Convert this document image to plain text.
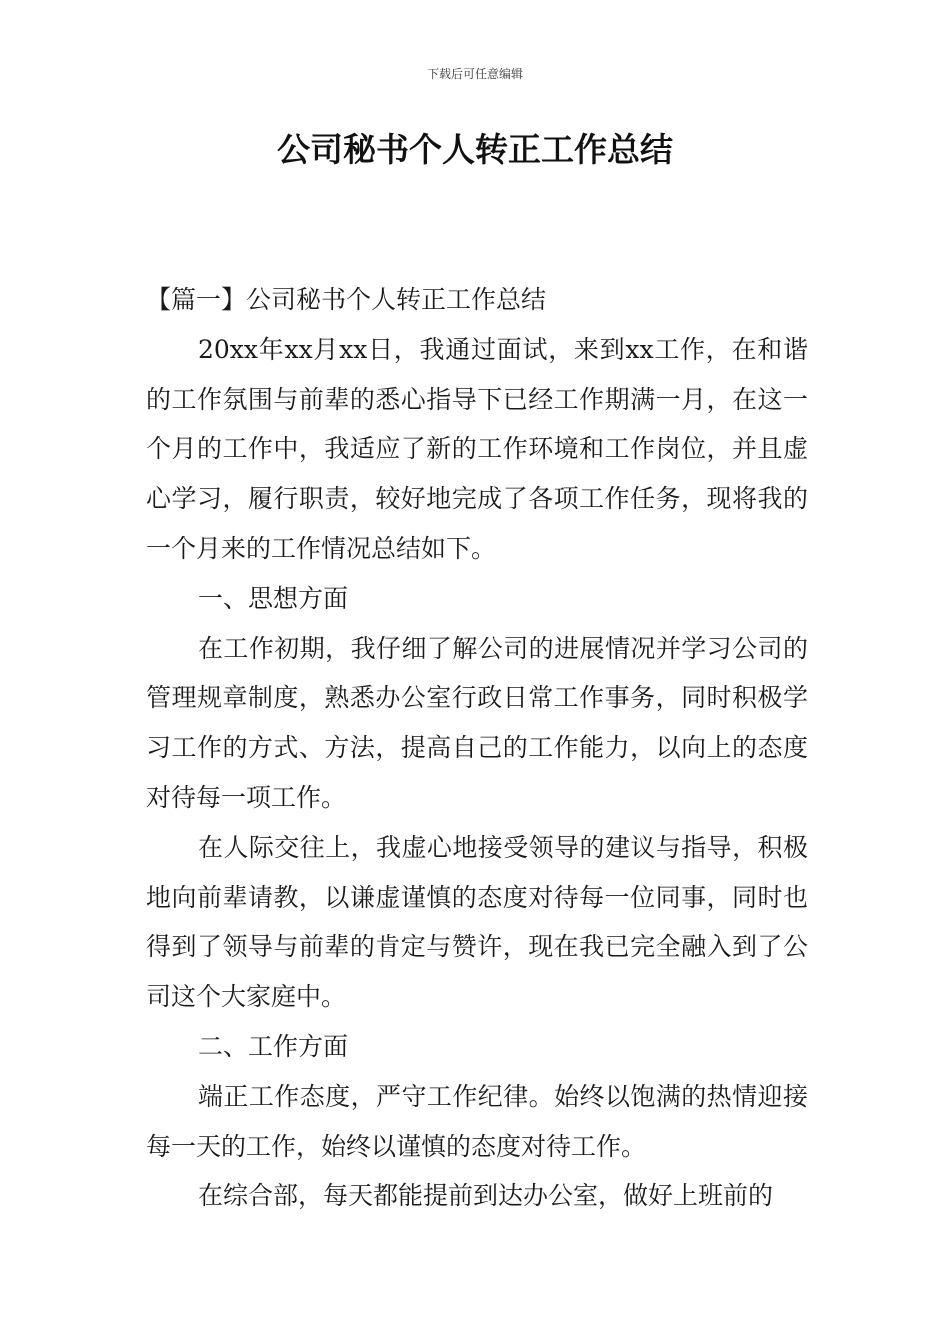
下载后可任意编辑
公司秘书个人转正工作总结

【篇一】公司秘书个人转正工作总结

20xx年xx月xx日，我通过面试，来到xx工作，在和谐的工作氛围与前辈的悉心指导下已经工作期满一月，在这一个月的工作中，我适应了新的工作环境和工作岗位，并且虚心学习，履行职责，较好地完成了各项工作任务，现将我的一个月来的工作情况总结如下。

一、思想方面

在工作初期，我仔细了解公司的进展情况并学习公司的管理规章制度，熟悉办公室行政日常工作事务，同时积极学习工作的方式、方法，提高自己的工作能力，以向上的态度对待每一项工作。

在人际交往上，我虚心地接受领导的建议与指导，积极地向前辈请教，以谦虚谨慎的态度对待每一位同事，同时也得到了领导与前辈的肯定与赞许，现在我已完全融入到了公司这个大家庭中。

二、工作方面

端正工作态度，严守工作纪律。始终以饱满的热情迎接每一天的工作，始终以谨慎的态度对待工作。

在综合部，每天都能提前到达办公室，做好上班前的
